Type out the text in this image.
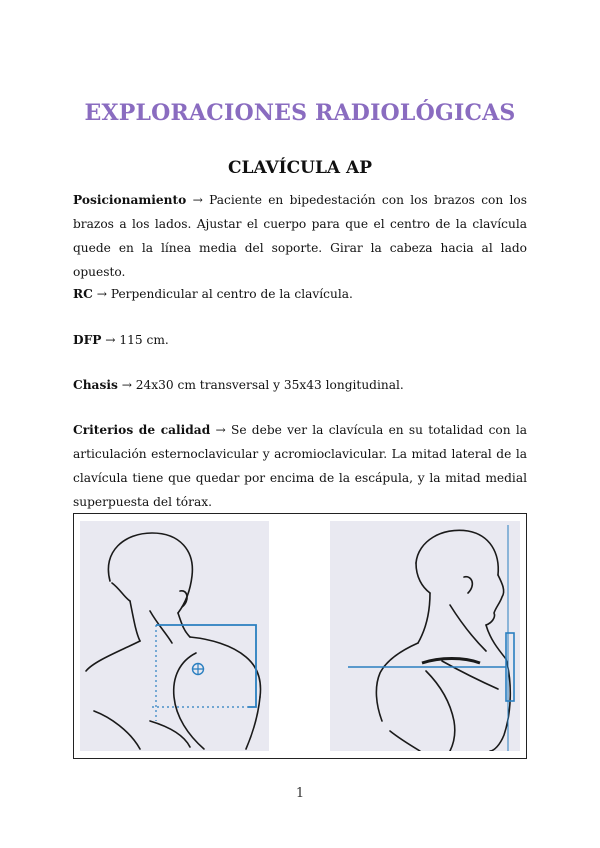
EXPLORACIONES RADIOLÓGICAS
CLAVÍCULA AP

Posicionamiento → Paciente en bipedestación con los brazos con los brazos a los lados. Ajustar el cuerpo para que el centro de la clavícula quede en la línea media del soporte. Girar la cabeza hacia al lado opuesto.

RC → Perpendicular al centro de la clavícula.

DFP → 115 cm.

Chasis → 24x30 cm transversal y 35x43 longitudinal.

Criterios de calidad → Se debe ver la clavícula en su totalidad con la articulación esternoclavicular y acromioclavicular. La mitad lateral de la clavícula tiene que quedar por encima de la escápula, y la mitad medial superpuesta del tórax.

1
